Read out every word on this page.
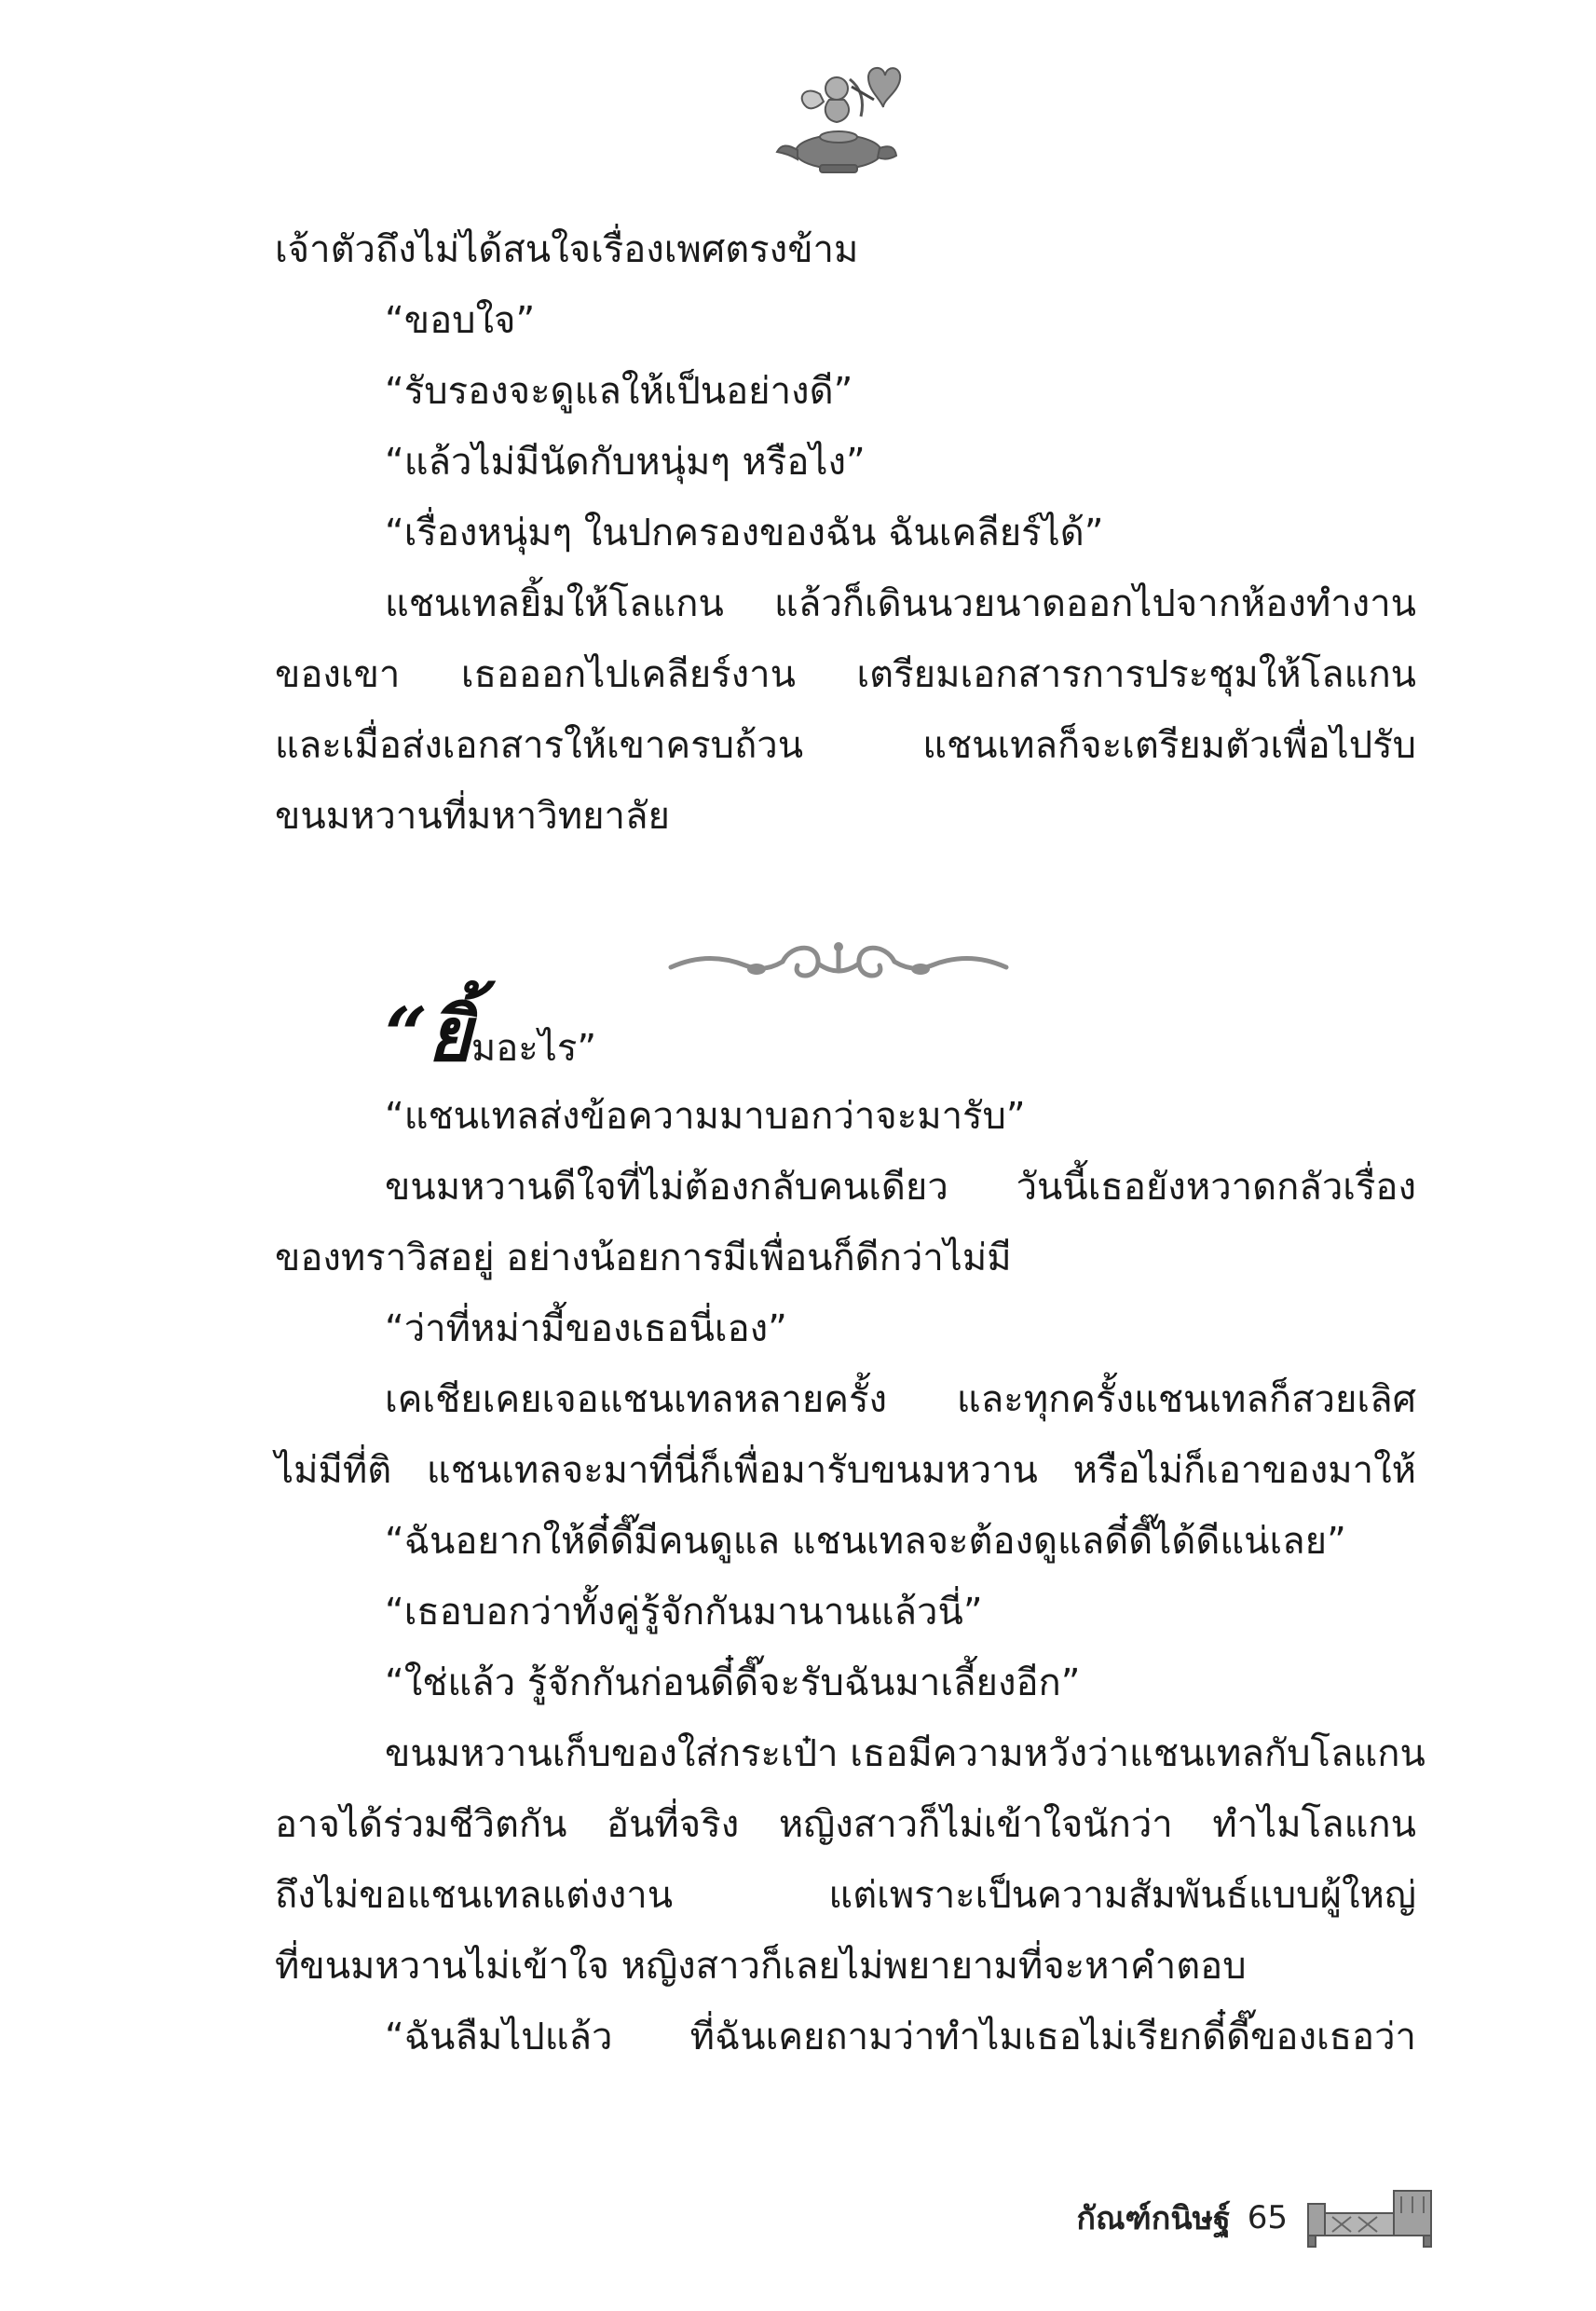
เจ้าตัวถึงไม่ได้สนใจเรื่องเพศตรงข้าม
“ขอบใจ”
“รับรองจะดูแลให้เป็นอย่างดี”
“แล้วไม่มีนัดกับหนุ่มๆ หรือไง”
“เรื่องหนุ่มๆ ในปกครองของฉัน ฉันเคลียร์ได้”
แชนเทลยิ้มให้โลแกน แล้วก็เดินนวยนาดออกไปจากห้องทำงาน
ของเขา เธอออกไปเคลียร์งาน เตรียมเอกสารการประชุมให้โลแกน
และเมื่อส่งเอกสารให้เขาครบถ้วน แชนเทลก็จะเตรียมตัวเพื่อไปรับ
ขนมหวานที่มหาวิทยาลัย
“ยิ้มอะไร”
“แชนเทลส่งข้อความมาบอกว่าจะมารับ”
ขนมหวานดีใจที่ไม่ต้องกลับคนเดียว วันนี้เธอยังหวาดกลัวเรื่อง
ของทราวิสอยู่ อย่างน้อยการมีเพื่อนก็ดีกว่าไม่มี
“ว่าที่หม่ามี้ของเธอนี่เอง”
เคเชียเคยเจอแชนเทลหลายครั้ง และทุกครั้งแชนเทลก็สวยเลิศ
ไม่มีที่ติ แชนเทลจะมาที่นี่ก็เพื่อมารับขนมหวาน หรือไม่ก็เอาของมาให้
“ฉันอยากให้ดี๋ดี๊มีคนดูแล แชนเทลจะต้องดูแลดี๋ดี๊ได้ดีแน่เลย”
“เธอบอกว่าทั้งคู่รู้จักกันมานานแล้วนี่”
“ใช่แล้ว รู้จักกันก่อนดี๋ดี๊จะรับฉันมาเลี้ยงอีก”
ขนมหวานเก็บของใส่กระเป๋า เธอมีความหวังว่าแชนเทลกับโลแกน
อาจได้ร่วมชีวิตกัน อันที่จริง หญิงสาวก็ไม่เข้าใจนักว่า ทำไมโลแกน
ถึงไม่ขอแชนเทลแต่งงาน แต่เพราะเป็นความสัมพันธ์แบบผู้ใหญ่
ที่ขนมหวานไม่เข้าใจ หญิงสาวก็เลยไม่พยายามที่จะหาคำตอบ
“ฉันลืมไปแล้ว ที่ฉันเคยถามว่าทำไมเธอไม่เรียกดี๋ดี๊ของเธอว่า
กัณฑ์กนิษฐ์ 65
